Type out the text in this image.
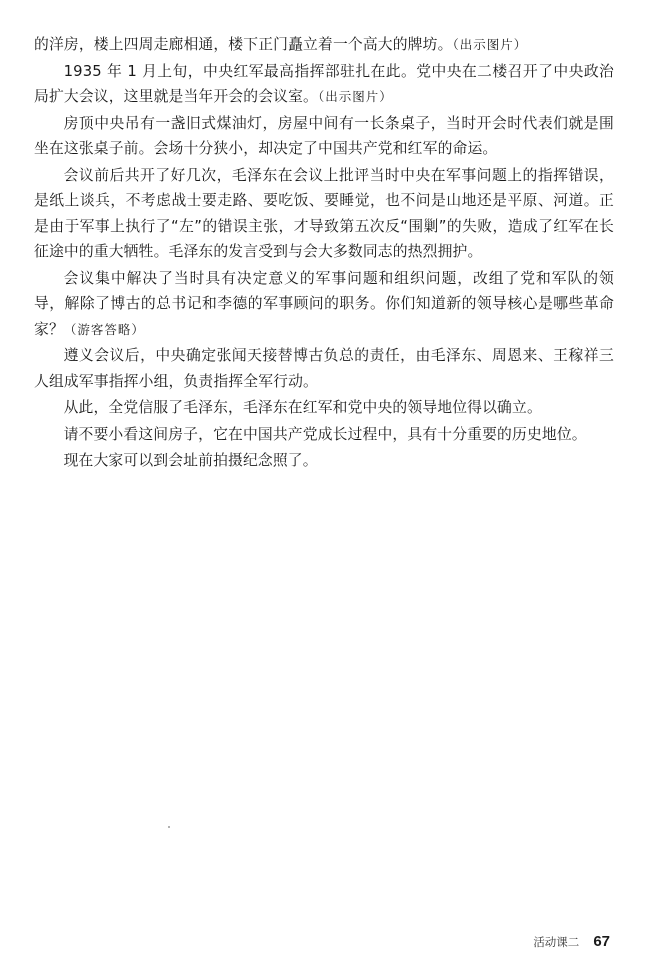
的洋房，楼上四周走廊相通，楼下正门矗立着一个高大的牌坊。（出示图片）

1935 年 1 月上旬，中央红军最高指挥部驻扎在此。党中央在二楼召开了中央政治局扩大会议，这里就是当年开会的会议室。（出示图片）

房顶中央吊有一盏旧式煤油灯，房屋中间有一长条桌子，当时开会时代表们就是围坐在这张桌子前。会场十分狭小，却决定了中国共产党和红军的命运。

会议前后共开了好几次，毛泽东在会议上批评当时中央在军事问题上的指挥错误，是纸上谈兵，不考虑战士要走路、要吃饭、要睡觉，也不问是山地还是平原、河道。正是由于军事上执行了“左”的错误主张，才导致第五次反“围剿”的失败，造成了红军在长征途中的重大牺牲。毛泽东的发言受到与会大多数同志的热烈拥护。

会议集中解决了当时具有决定意义的军事问题和组织问题，改组了党和军队的领导，解除了博古的总书记和李德的军事顾问的职务。你们知道新的领导核心是哪些革命家？（游客答略）

遵义会议后，中央确定张闻天接替博古负总的责任，由毛泽东、周恩来、王稼祥三人组成军事指挥小组，负责指挥全军行动。

从此，全党信服了毛泽东，毛泽东在红军和党中央的领导地位得以确立。

请不要小看这间房子，它在中国共产党成长过程中，具有十分重要的历史地位。

现在大家可以到会址前拍摄纪念照了。

活动课二 67
